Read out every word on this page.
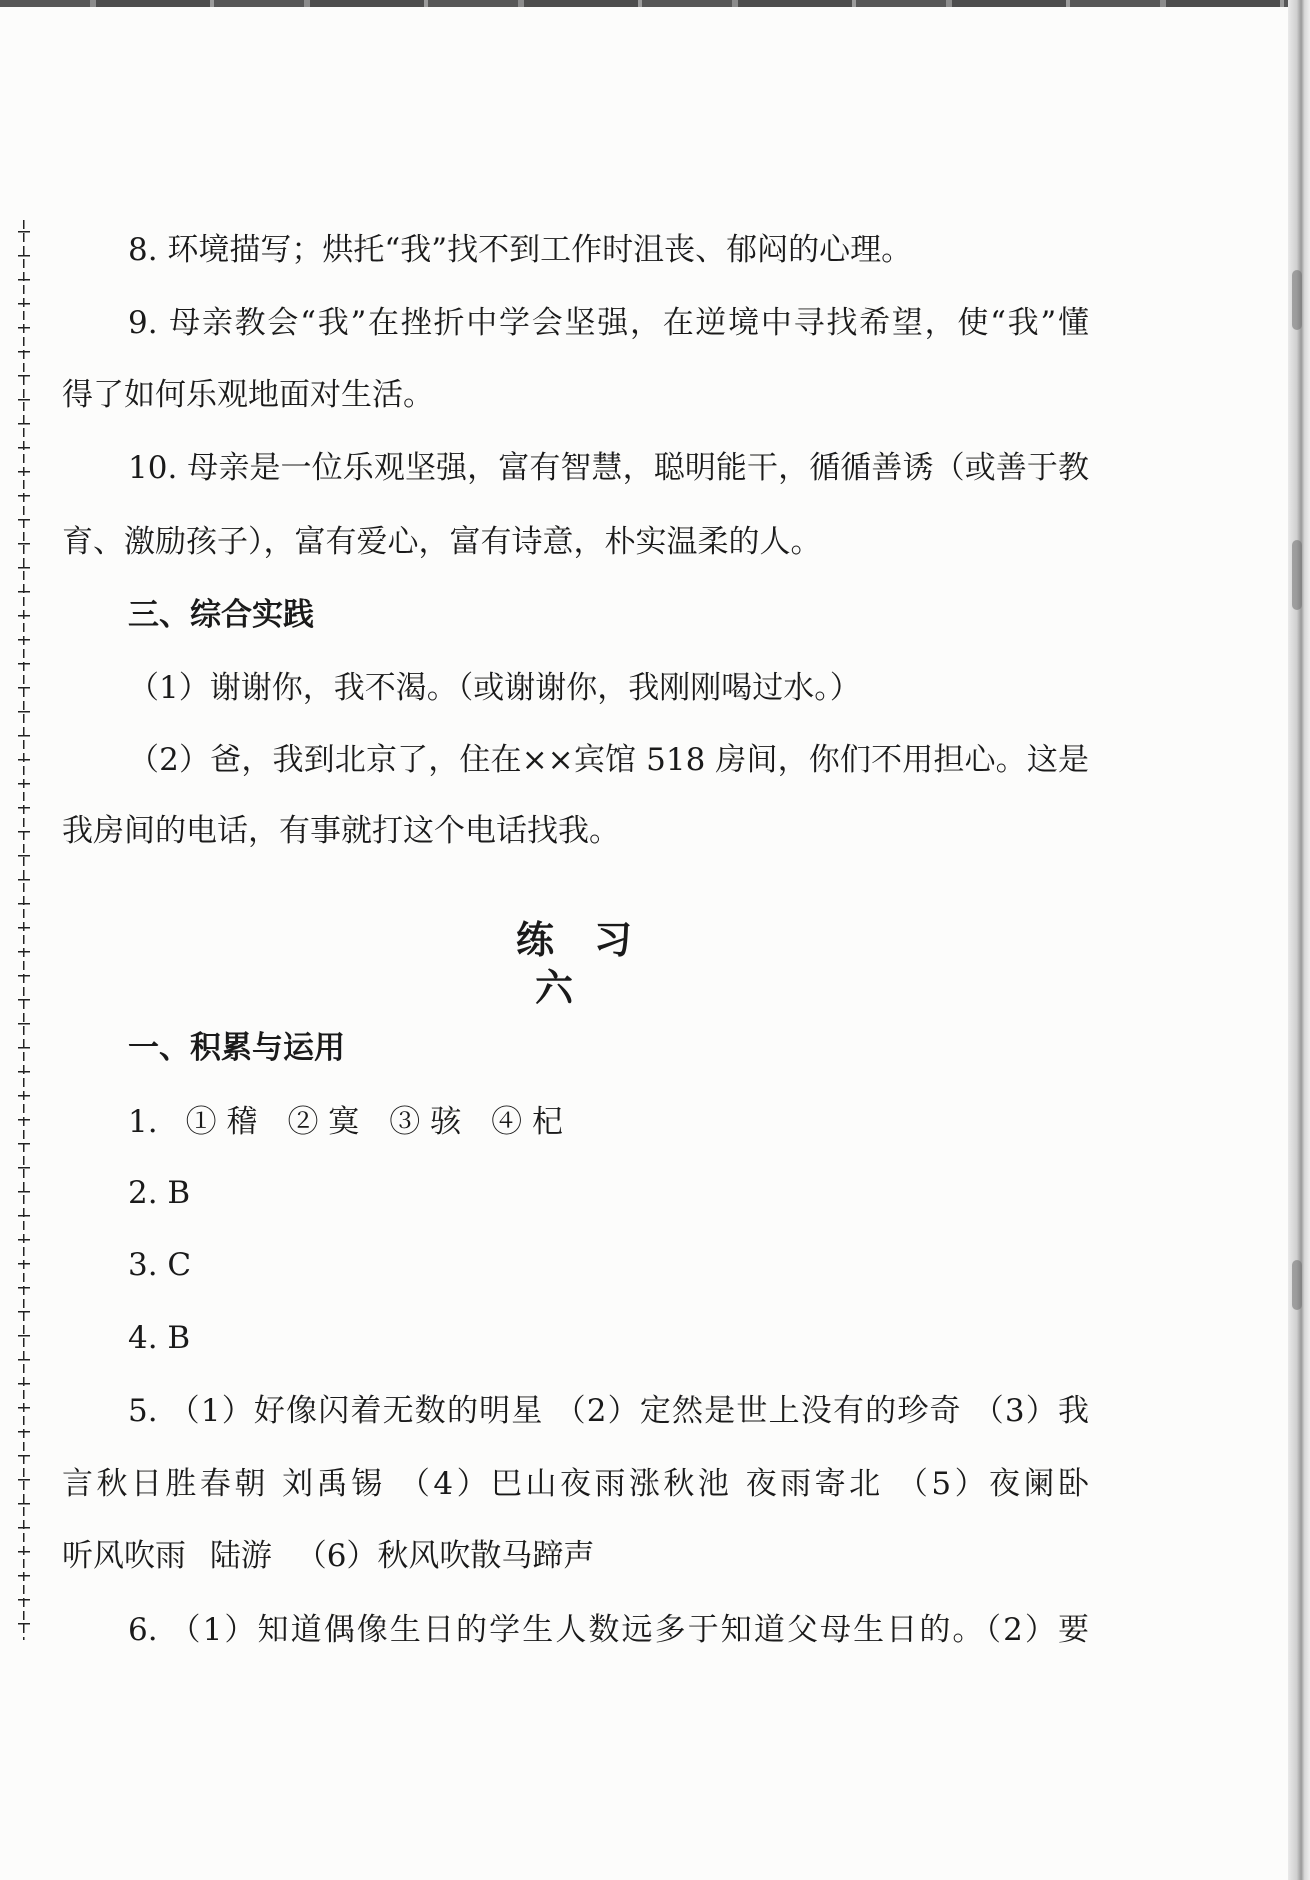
8. 环境描写；烘托“我”找不到工作时沮丧、郁闷的心理。
9. 母亲教会“我”在挫折中学会坚强，在逆境中寻找希望，使“我”懂
得了如何乐观地面对生活。
10. 母亲是一位乐观坚强，富有智慧，聪明能干，循循善诱（或善于教
育、激励孩子），富有爱心，富有诗意，朴实温柔的人。
三、综合实践
（1）谢谢你，我不渴。（或谢谢你，我刚刚喝过水。）
（2）爸，我到北京了，住在××宾馆 518 房间，你们不用担心。这是
我房间的电话，有事就打这个电话找我。
练习六
一、积累与运用
1. ① 稽 ② 寞 ③ 骇 ④ 杞
2. B
3. C
4. B
5. （1）好像闪着无数的明星 （2）定然是世上没有的珍奇 （3）我
言秋日胜春朝 刘禹锡 （4）巴山夜雨涨秋池 夜雨寄北 （5）夜阑卧
听风吹雨 陆游 （6）秋风吹散马蹄声
6. （1）知道偶像生日的学生人数远多于知道父母生日的。（2）要
